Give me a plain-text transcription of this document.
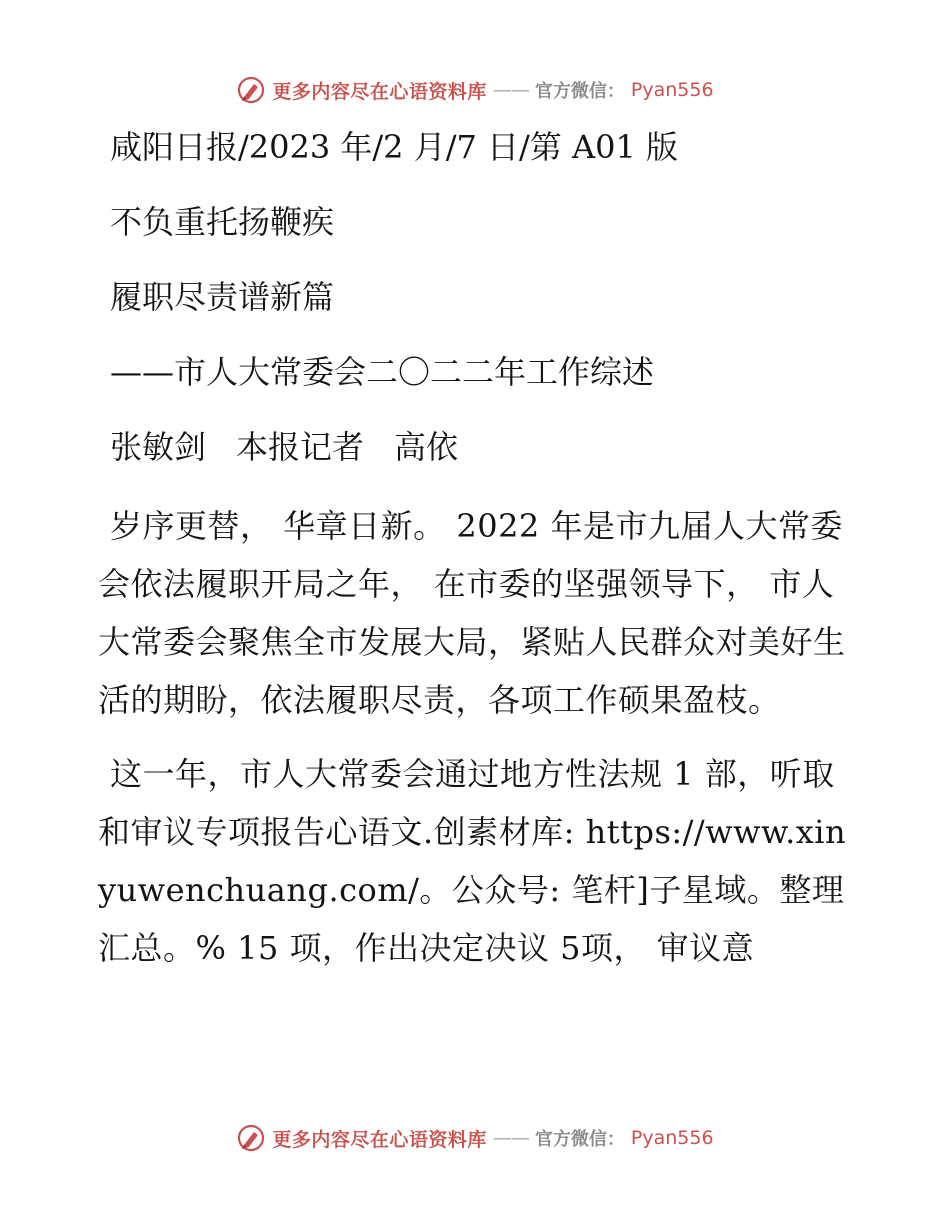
更多内容尽在心语资料库 —— 官方微信： Pyan556
咸阳日报/2023 年/2 月/7 日/第 A01 版
不负重托扬鞭疾
履职尽责谱新篇
——市人大常委会二〇二二年工作综述
张敏剑 本报记者 高依

岁序更替， 华章日新。 2022 年是市九届人大常委会依法履职开局之年， 在市委的坚强领导下， 市人大常委会聚焦全市发展大局，紧贴人民群众对美好生活的期盼，依法履职尽责，各项工作硕果盈枝。

这一年，市人大常委会通过地方性法规 1 部，听取和审议专项报告心语文.创素材库: https://www.xinyuwenchuang.com/。公众号: 笔杆]子星域。整理汇总。% 15 项，作出决定决议 5项， 审议意

更多内容尽在心语资料库 —— 官方微信： Pyan556
